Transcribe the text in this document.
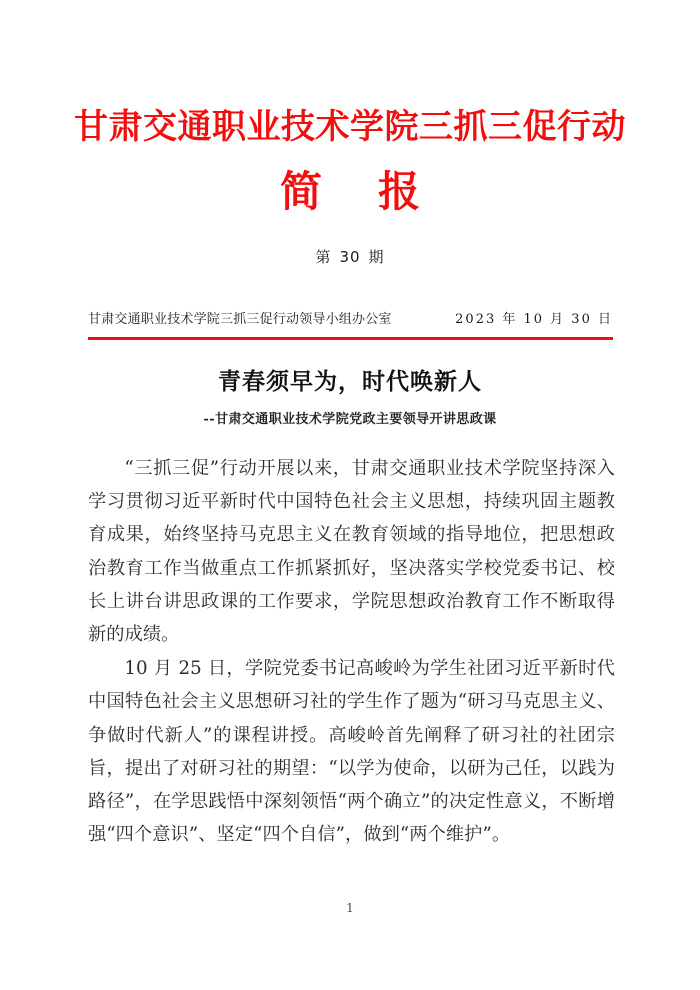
甘肃交通职业技术学院三抓三促行动
简报
第 30 期
甘肃交通职业技术学院三抓三促行动领导小组办公室	2023 年 10 月 30 日
青春须早为，时代唤新人
--甘肃交通职业技术学院党政主要领导开讲思政课

“三抓三促”行动开展以来，甘肃交通职业技术学院坚持深入学习贯彻习近平新时代中国特色社会主义思想，持续巩固主题教育成果，始终坚持马克思主义在教育领域的指导地位，把思想政治教育工作当做重点工作抓紧抓好，坚决落实学校党委书记、校长上讲台讲思政课的工作要求，学院思想政治教育工作不断取得新的成绩。

10 月 25 日，学院党委书记高峻岭为学生社团习近平新时代中国特色社会主义思想研习社的学生作了题为“研习马克思主义、争做时代新人”的课程讲授。高峻岭首先阐释了研习社的社团宗旨，提出了对研习社的期望：“以学为使命，以研为己任，以践为路径”，在学思践悟中深刻领悟“两个确立”的决定性意义，不断增强“四个意识”、坚定“四个自信”，做到“两个维护”。

1
